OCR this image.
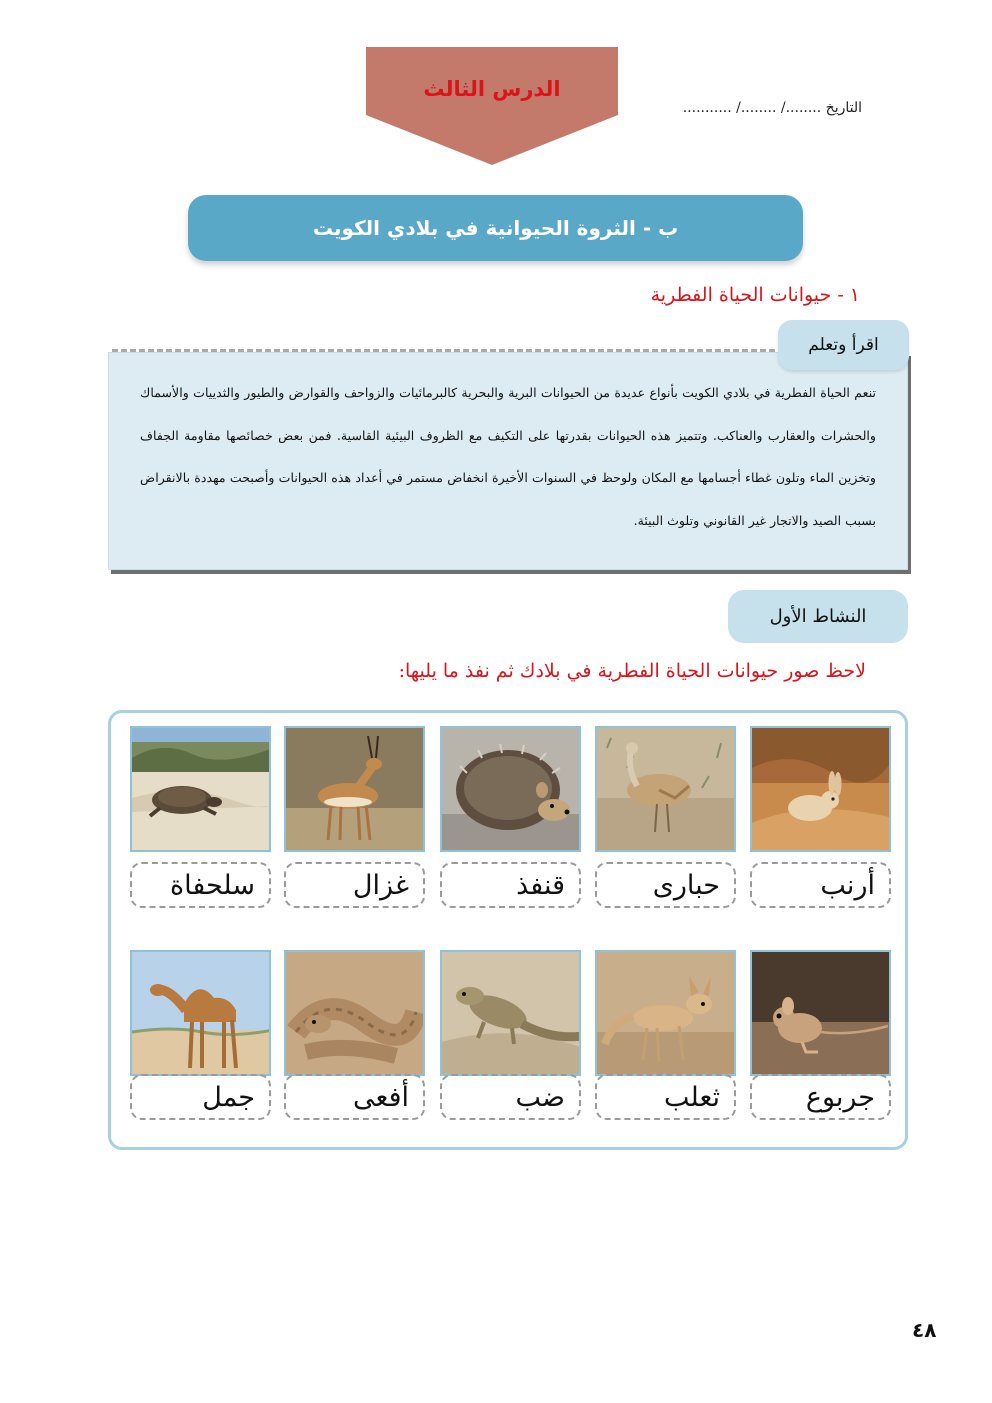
الدرس الثالث
التاريخ ......../ ......../ ...........
ب - الثروة الحيوانية في بلادي الكويت
١ - حيوانات الحياة الفطرية
اقرأ وتعلم
تنعم الحياة الفطرية في بلادي الكويت بأنواع عديدة من الحيوانات البرية والبحرية كالبرمائيات والزواحف والقوارض والطيور والثدييات والأسماك والحشرات والعقارب والعناكب. وتتميز هذه الحيوانات بقدرتها على التكيف مع الظروف البيئية القاسية. فمن بعض خصائصها مقاومة الجفاف وتخزين الماء وتلون غطاء أجسامها مع المكان ولوحظ في السنوات الأخيرة انخفاض مستمر في أعداد هذه الحيوانات وأصبحت مهددة بالانقراض بسبب الصيد والاتجار غير القانوني وتلوث البيئة.
النشاط الأول
لاحظ صور حيوانات الحياة الفطرية في بلادك ثم نفذ ما يليها:
أرنب
حبارى
قنفذ
غزال
سلحفاة
جربوع
ثعلب
ضب
أفعى
جمل
٤٨
